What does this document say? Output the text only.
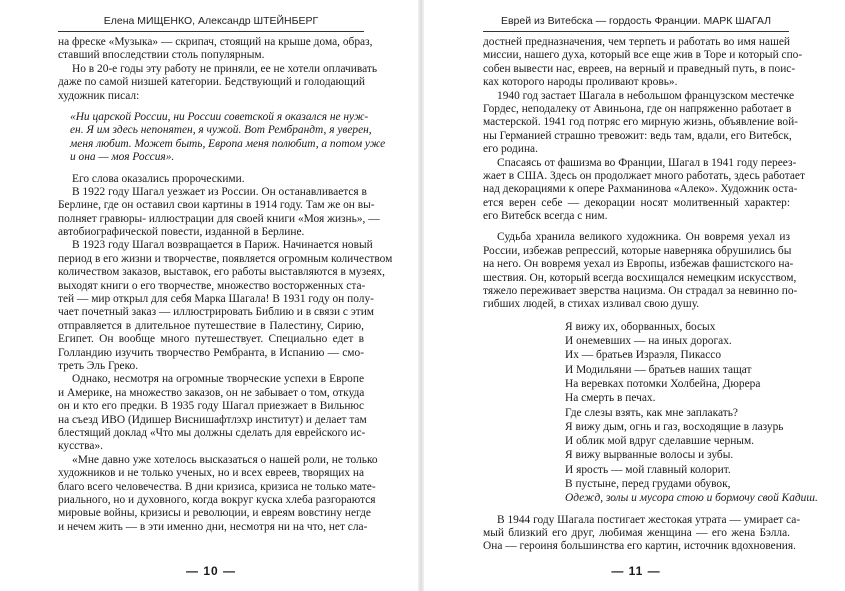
Елена МИЩЕНКО, Александр ШТЕЙНБЕРГ
на фреске «Музыка» — скрипач, стоящий на крыше дома, образ,
ставший впоследствии столь популярным.
Но в 20-е годы эту работу не приняли, ее не хотели оплачивать
даже по самой низшей категории. Бедствующий и голодающий
художник писал:
«Ни царской России, ни России советской я оказался не нуж-
ен. Я им здесь непонятен, я чужой. Вот Рембрандт, я уверен,
меня любит. Может быть, Европа меня полюбит, а потом уже
и она — моя Россия».
Его слова оказались пророческими.
В 1922 году Шагал уезжает из России. Он останавливается в
Берлине, где он оставил свои картины в 1914 году. Там же он вы-
полняет гравюры- иллюстрации для своей книги «Моя жизнь», —
автобиографической повести, изданной в Берлине.
В 1923 году Шагал возвращается в Париж. Начинается новый
период в его жизни и творчестве, появляется огромным количеством
количеством заказов, выставок, его работы выставляются в музеях,
выходят книги о его творчестве, множество восторженных ста-
тей — мир открыл для себя Марка Шагала! В 1931 году он полу-
чает почетный заказ — иллюстрировать Библию и в связи с этим
отправляется в длительное путешествие в Палестину, Сирию,
Египет. Он вообще много путешествует. Специально едет в
Голландию изучить творчество Рембранта, в Испанию — смо-
треть Эль Греко.
Однако, несмотря на огромные творческие успехи в Европе
и Америке, на множество заказов, он не забывает о том, откуда
он и кто его предки. В 1935 году Шагал приезжает в Вильнюс
на съезд ИВО (Идишер Виснишафтлэхр институт) и делает там
блестящий доклад «Что мы должны сделать для еврейского ис-
кусства».
«Мне давно уже хотелось высказаться о нашей роли, не только
художников и не только ученых, но и всех евреев, творящих на
благо всего человечества. В дни кризиса, кризиса не только мате-
риального, но и духовного, когда вокруг куска хлеба разгораются
мировые войны, кризисы и революции, и евреям вовстину негде
и нечем жить — в эти именно дни, несмотря ни на что, нет сла-
— 10 —
Еврей из Витебска — гордость Франции. МАРК ШАГАЛ
достней предназначения, чем терпеть и работать во имя нашей
миссии, нашего духа, который все еще жив в Торе и который спо-
собен вывести нас, евреев, на верный и праведный путь, в поис-
ках которого народы проливают кровь».
1940 год застает Шагала в небольшом французском местечке
Гордес, неподалеку от Авиньона, где он напряженно работает в
мастерской. 1941 год потряс его мирную жизнь, объявление вой-
ны Германией страшно тревожит: ведь там, вдали, его Витебск,
его родина.
Спасаясь от фашизма во Франции, Шагал в 1941 году переез-
жает в США. Здесь он продолжает много работать, здесь работает
над декорациями к опере Рахманинова «Алеко». Художник оста-
ется верен себе — декорации носят молитвенный характер:
его Витебск всегда с ним.
Судьба хранила великого художника. Он вовремя уехал из
России, избежав репрессий, которые наверняка обрушились бы
на него. Он вовремя уехал из Европы, избежав фашистского на-
шествия. Он, который всегда восхищался немецким искусством,
тяжело переживает зверства нацизма. Он страдал за невинно по-
гибших людей, в стихах изливал свою душу.
Я вижу их, оборванных, босых
И онемевших — на иных дорогах.
Их — братьев Израэля, Пикассо
И Модильяни — братьев наших тащат
На веревках потомки Холбейна, Дюрера
На смерть в печах.
Где слезы взять, как мне заплакать?
Я вижу дым, огнь и газ, восходящие в лазурь
И облик мой вдруг сделавшие черным.
Я вижу вырванные волосы и зубы.
И ярость — мой главный колорит.
В пустыне, перед грудами обувок,
Одежд, золы и мусора стою и бормочу свой Кадиш.
В 1944 году Шагала постигает жестокая утрата — умирает са-
мый близкий его друг, любимая женщина — его жена Бэлла.
Она — героиня большинства его картин, источник вдохновения.
— 11 —
